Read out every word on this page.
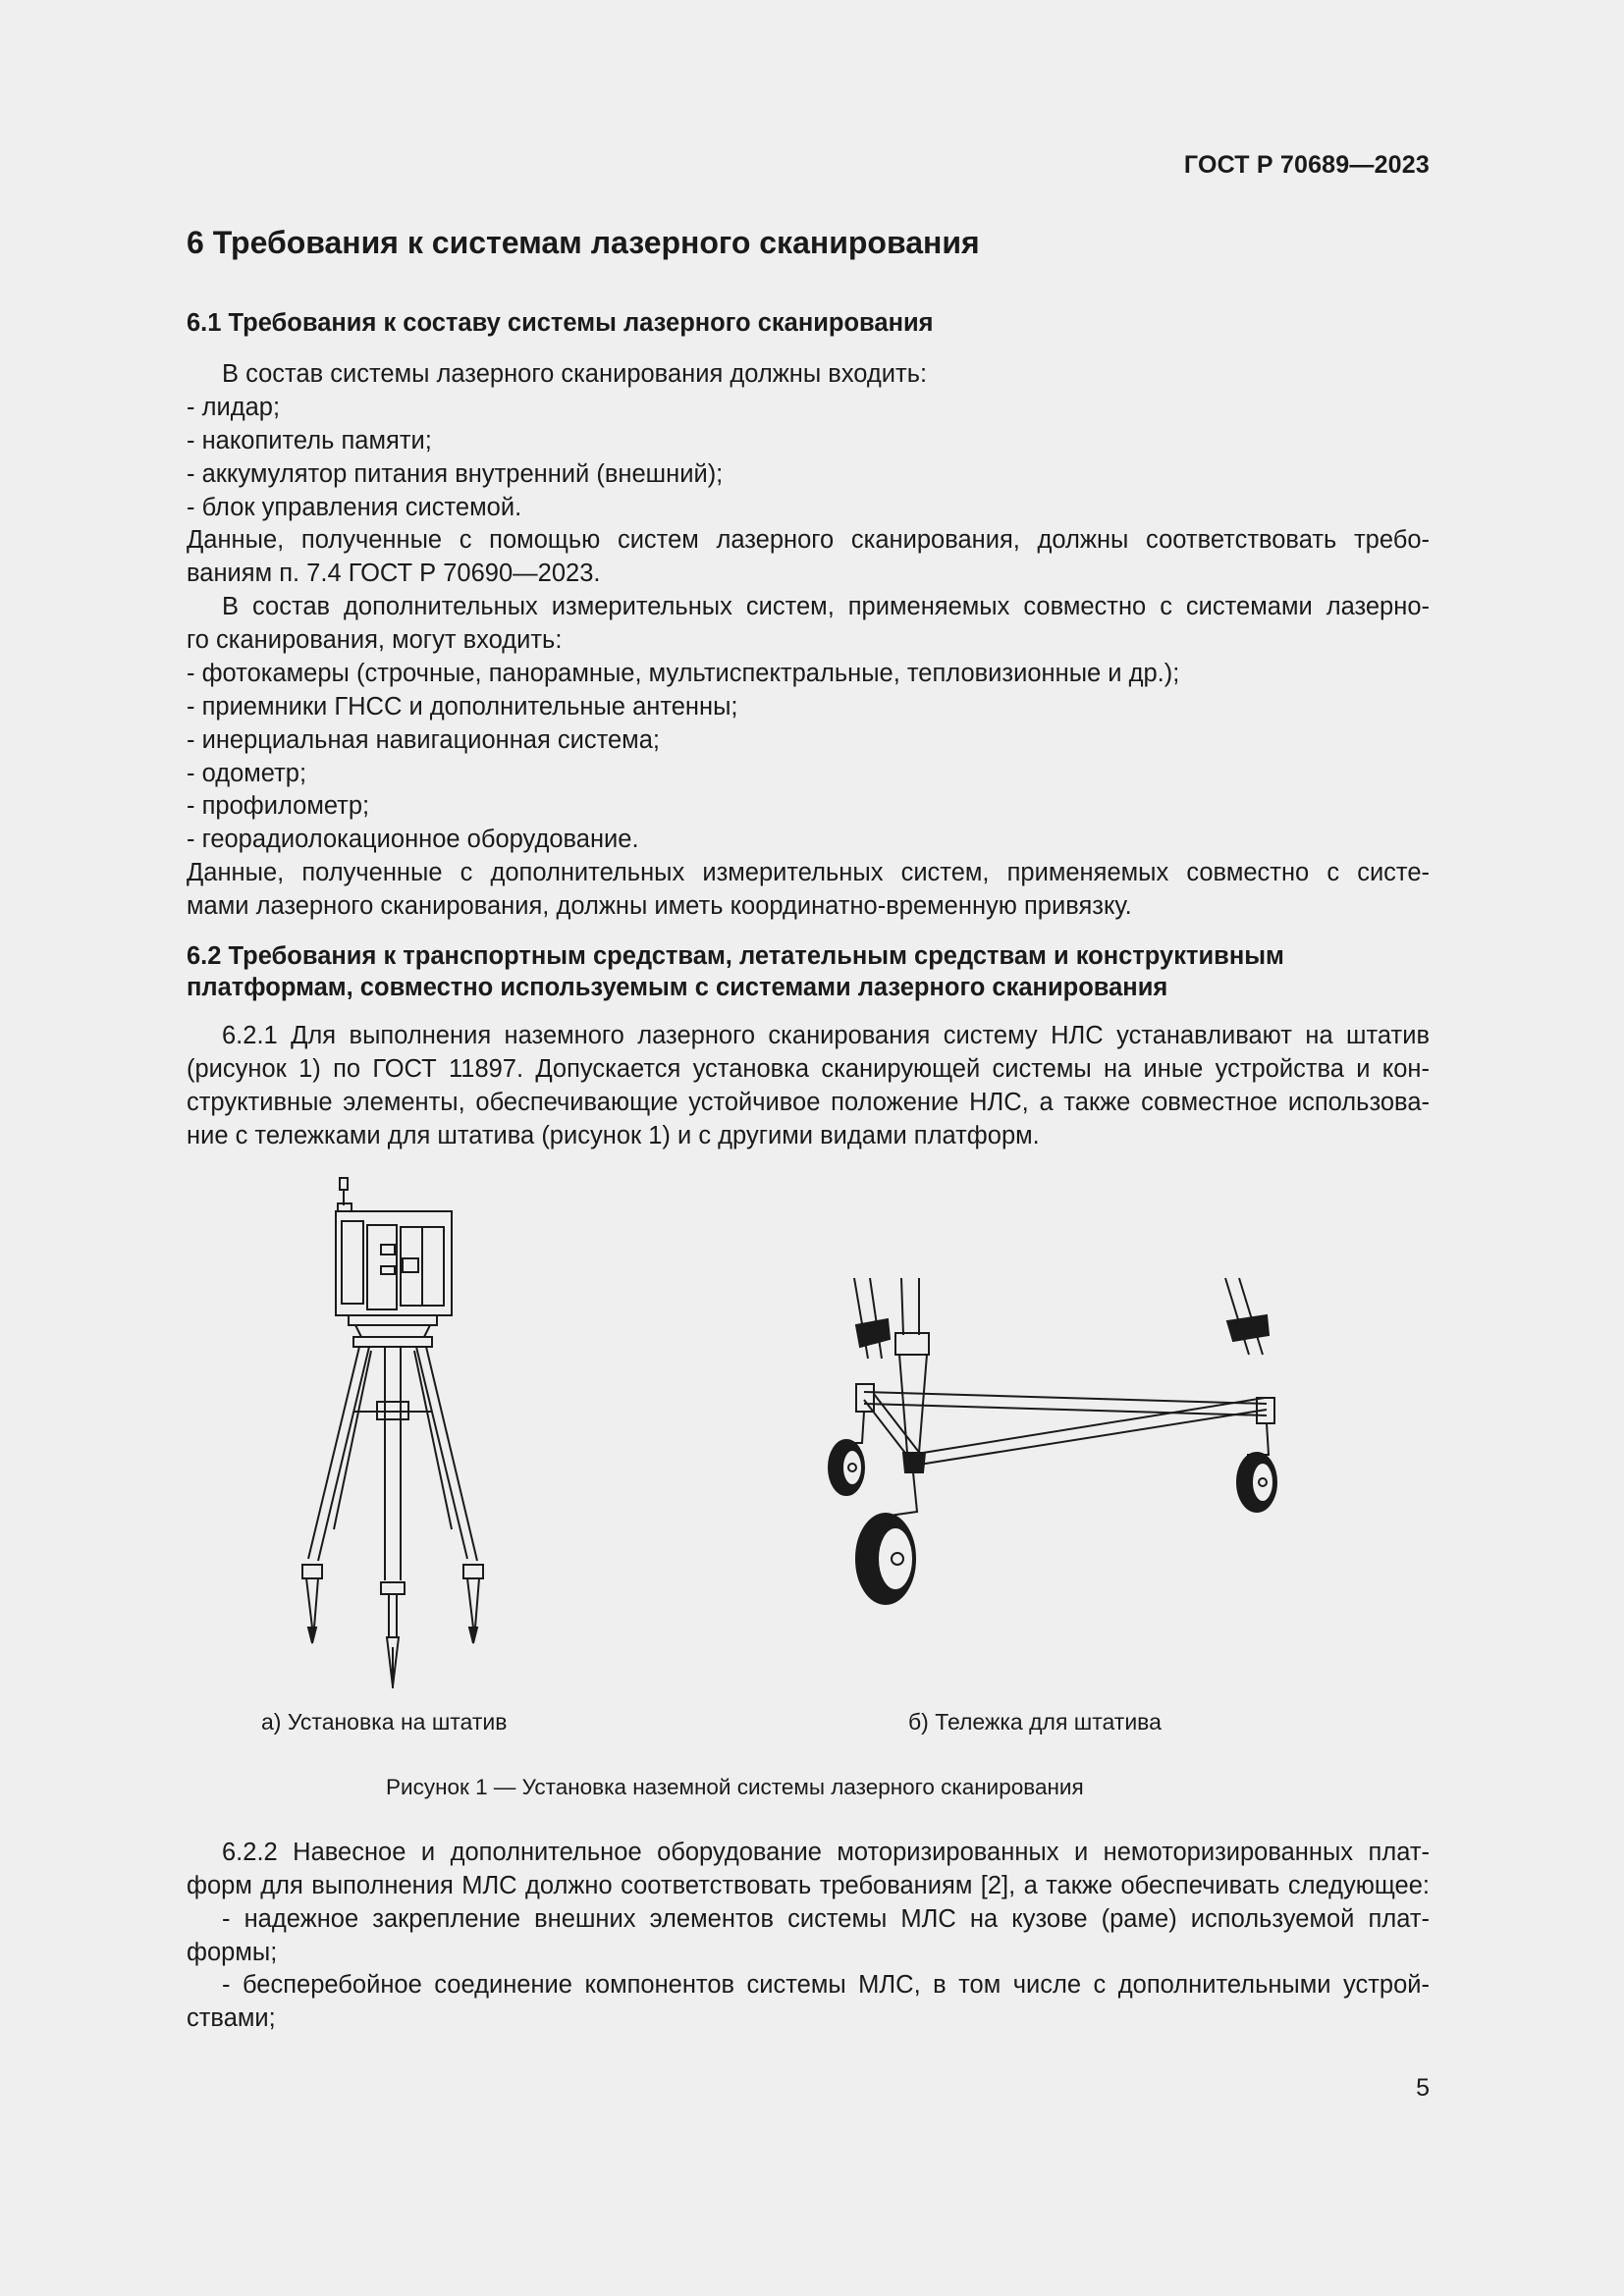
ГОСТ Р 70689—2023
6 Требования к системам лазерного сканирования
6.1 Требования к составу системы лазерного сканирования
В состав системы лазерного сканирования должны входить:
- лидар;
- накопитель памяти;
- аккумулятор питания внутренний (внешний);
- блок управления системой.
Данные, полученные с помощью систем лазерного сканирования, должны соответствовать требо-
ваниям п. 7.4 ГОСТ Р 70690—2023.
В состав дополнительных измерительных систем, применяемых совместно с системами лазерно-
го сканирования, могут входить:
- фотокамеры (строчные, панорамные, мультиспектральные, тепловизионные и др.);
- приемники ГНСС и дополнительные антенны;
- инерциальная навигационная система;
- одометр;
- профилометр;
- георадиолокационное оборудование.
Данные, полученные с дополнительных измерительных систем, применяемых совместно с систе-
мами лазерного сканирования, должны иметь координатно-временную привязку.
6.2 Требования к транспортным средствам, летательным средствам и конструктивным
платформам, совместно используемым с системами лазерного сканирования
6.2.1 Для выполнения наземного лазерного сканирования систему НЛС устанавливают на штатив
(рисунок 1) по ГОСТ 11897. Допускается установка сканирующей системы на иные устройства и кон-
структивные элементы, обеспечивающие устойчивое положение НЛС, а также совместное использова-
ние с тележками для штатива (рисунок 1) и с другими видами платформ.
а) Установка на штатив	б) Тележка для штатива
Рисунок 1 — Установка наземной системы лазерного сканирования
6.2.2 Навесное и дополнительное оборудование моторизированных и немоторизированных плат-
форм для выполнения МЛС должно соответствовать требованиям [2], а также обеспечивать следующее:
- надежное закрепление внешних элементов системы МЛС на кузове (раме) используемой плат-
формы;
- бесперебойное соединение компонентов системы МЛС, в том числе с дополнительными устрой-
ствами;
5
